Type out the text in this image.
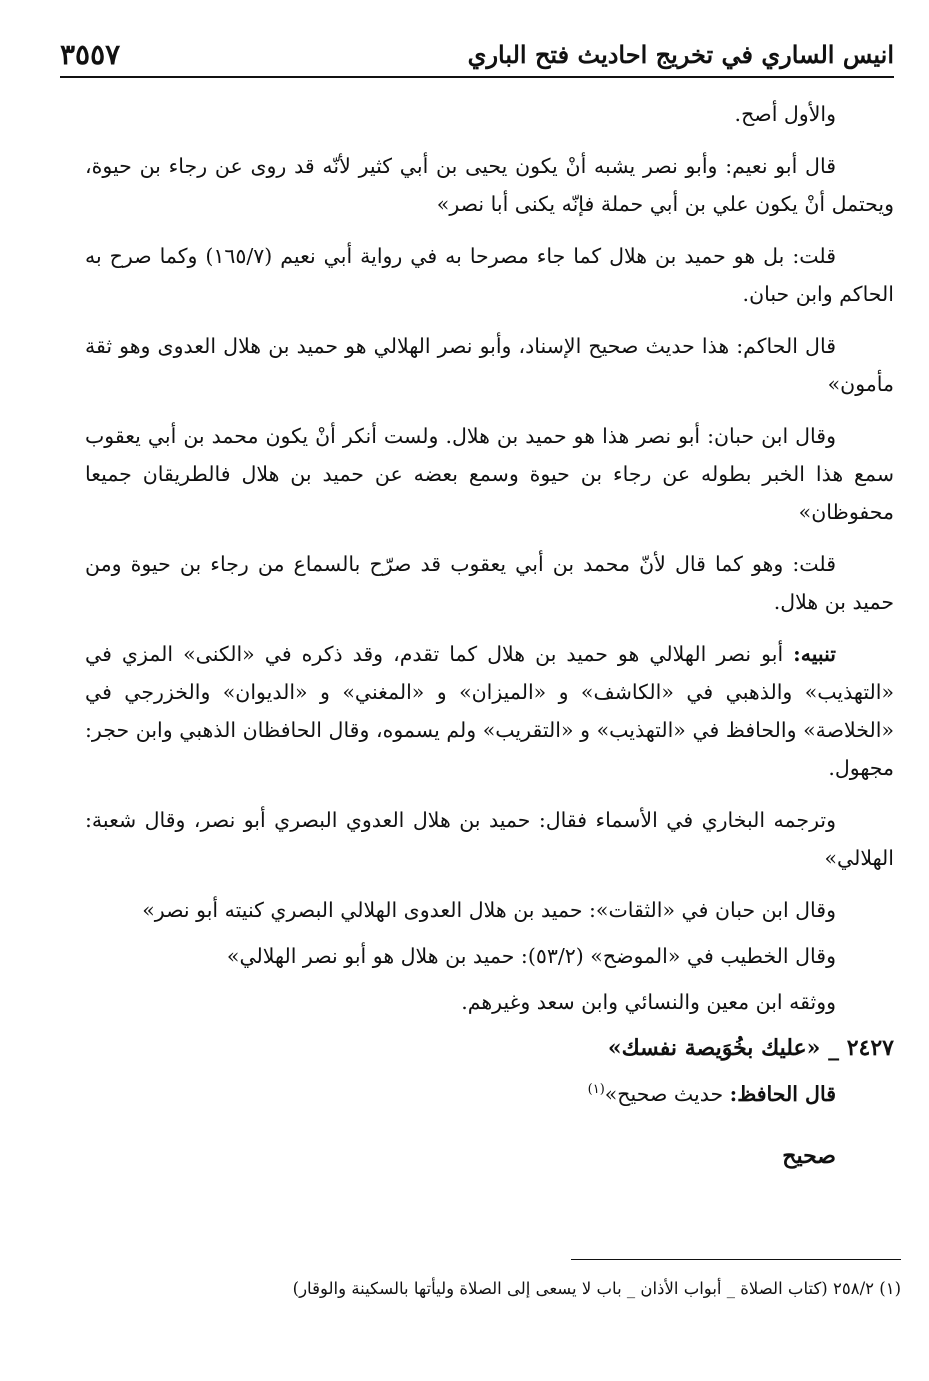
انيس الساري في تخريج احاديث فتح الباري
٣٥٥٧

والأول أصح.

قال أبو نعيم: وأبو نصر يشبه أنْ يكون يحيى بن أبي كثير لأنّه قد روى عن رجاء بن حيوة، ويحتمل أنْ يكون علي بن أبي حملة فإنّه يكنى أبا نصر»

قلت: بل هو حميد بن هلال كما جاء مصرحا به في رواية أبي نعيم (١٦٥/٧) وكما صرح به الحاكم وابن حبان.

قال الحاكم: هذا حديث صحيح الإسناد، وأبو نصر الهلالي هو حميد بن هلال العدوى وهو ثقة مأمون»

وقال ابن حبان: أبو نصر هذا هو حميد بن هلال. ولست أنكر أنْ يكون محمد بن أبي يعقوب سمع هذا الخبر بطوله عن رجاء بن حيوة وسمع بعضه عن حميد بن هلال فالطريقان جميعا محفوظان»

قلت: وهو كما قال لأنّ محمد بن أبي يعقوب قد صرّح بالسماع من رجاء بن حيوة ومن حميد بن هلال.

تنبيه: أبو نصر الهلالي هو حميد بن هلال كما تقدم، وقد ذكره في «الكنى» المزي في «التهذيب» والذهبي في «الكاشف» و «الميزان» و «المغني» و «الديوان» والخزرجي في «الخلاصة» والحافظ في «التهذيب» و «التقريب» ولم يسموه، وقال الحافظان الذهبي وابن حجر: مجهول.

وترجمه البخاري في الأسماء فقال: حميد بن هلال العدوي البصري أبو نصر، وقال شعبة: الهلالي»

وقال ابن حبان في «الثقات»: حميد بن هلال العدوى الهلالي البصري كنيته أبو نصر»

وقال الخطيب في «الموضح» (٥٣/٢): حميد بن هلال هو أبو نصر الهلالي»

ووثقه ابن معين والنسائي وابن سعد وغيرهم.

٢٤٢٧ _ «عليك بخُوَيصة نفسك»

قال الحافظ: حديث صحيح»$^{(١)}$

صحيح

(١) ٢٥٨/٢ (كتاب الصلاة _ أبواب الأذان _ باب لا يسعى إلى الصلاة وليأتها بالسكينة والوقار)
